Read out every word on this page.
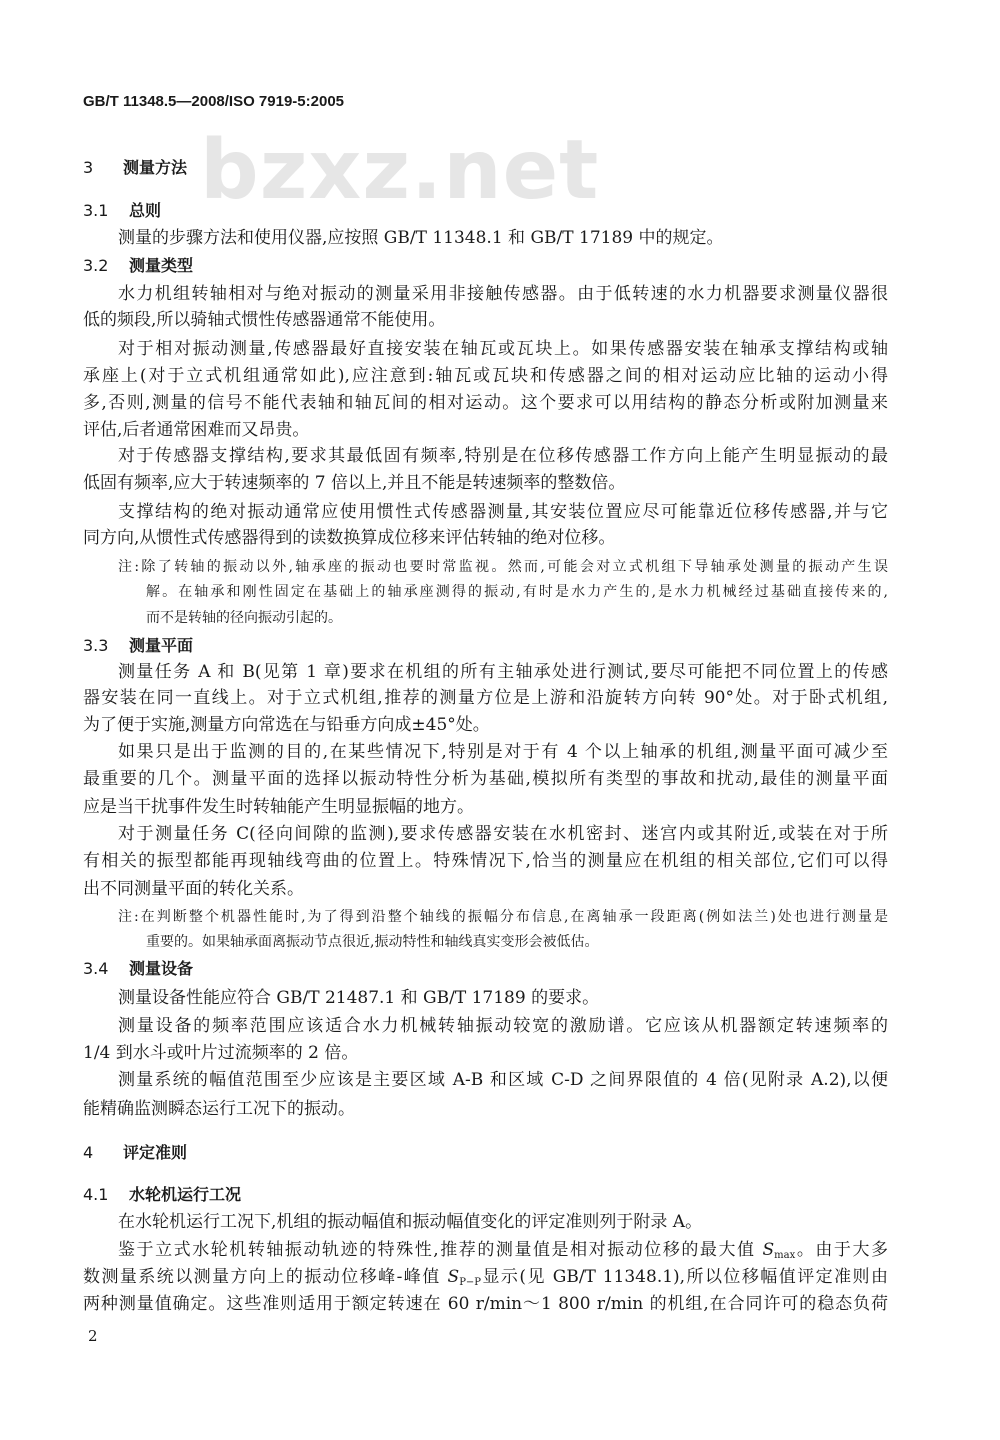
bzxz.net
GB/T 11348.5—2008/ISO 7919-5:2005
3 测量方法
3.1 总则
测量的步骤方法和使用仪器,应按照 GB/T 11348.1 和 GB/T 17189 中的规定。
3.2 测量类型
水力机组转轴相对与绝对振动的测量采用非接触传感器。由于低转速的水力机器要求测量仪器很
低的频段,所以骑轴式惯性传感器通常不能使用。
对于相对振动测量,传感器最好直接安装在轴瓦或瓦块上。如果传感器安装在轴承支撑结构或轴
承座上(对于立式机组通常如此),应注意到:轴瓦或瓦块和传感器之间的相对运动应比轴的运动小得
多,否则,测量的信号不能代表轴和轴瓦间的相对运动。这个要求可以用结构的静态分析或附加测量来
评估,后者通常困难而又昂贵。
对于传感器支撑结构,要求其最低固有频率,特别是在位移传感器工作方向上能产生明显振动的最
低固有频率,应大于转速频率的 7 倍以上,并且不能是转速频率的整数倍。
支撑结构的绝对振动通常应使用惯性式传感器测量,其安装位置应尽可能靠近位移传感器,并与它
同方向,从惯性式传感器得到的读数换算成位移来评估转轴的绝对位移。
注:除了转轴的振动以外,轴承座的振动也要时常监视。然而,可能会对立式机组下导轴承处测量的振动产生误
解。在轴承和刚性固定在基础上的轴承座测得的振动,有时是水力产生的,是水力机械经过基础直接传来的,
而不是转轴的径向振动引起的。
3.3 测量平面
测量任务 A 和 B(见第 1 章)要求在机组的所有主轴承处进行测试,要尽可能把不同位置上的传感
器安装在同一直线上。对于立式机组,推荐的测量方位是上游和沿旋转方向转 90°处。对于卧式机组,
为了便于实施,测量方向常选在与铅垂方向成±45°处。
如果只是出于监测的目的,在某些情况下,特别是对于有 4 个以上轴承的机组,测量平面可减少至
最重要的几个。测量平面的选择以振动特性分析为基础,模拟所有类型的事故和扰动,最佳的测量平面
应是当干扰事件发生时转轴能产生明显振幅的地方。
对于测量任务 C(径向间隙的监测),要求传感器安装在水机密封、迷宫内或其附近,或装在对于所
有相关的振型都能再现轴线弯曲的位置上。特殊情况下,恰当的测量应在机组的相关部位,它们可以得
出不同测量平面的转化关系。
注:在判断整个机器性能时,为了得到沿整个轴线的振幅分布信息,在离轴承一段距离(例如法兰)处也进行测量是
重要的。如果轴承面离振动节点很近,振动特性和轴线真实变形会被低估。
3.4 测量设备
测量设备性能应符合 GB/T 21487.1 和 GB/T 17189 的要求。
测量设备的频率范围应该适合水力机械转轴振动较宽的激励谱。它应该从机器额定转速频率的
1/4 到水斗或叶片过流频率的 2 倍。
测量系统的幅值范围至少应该是主要区域 A-B 和区域 C-D 之间界限值的 4 倍(见附录 A.2),以便
能精确监测瞬态运行工况下的振动。
4 评定准则
4.1 水轮机运行工况
在水轮机运行工况下,机组的振动幅值和振动幅值变化的评定准则列于附录 A。
鉴于立式水轮机转轴振动轨迹的特殊性,推荐的测量值是相对振动位移的最大值 $S_{max}$。由于大多
数测量系统以测量方向上的振动位移峰-峰值 $S_{P-P}$显示(见 GB/T 11348.1),所以位移幅值评定准则由
两种测量值确定。这些准则适用于额定转速在 60 r/min～1 800 r/min 的机组,在合同许可的稳态负荷
2
